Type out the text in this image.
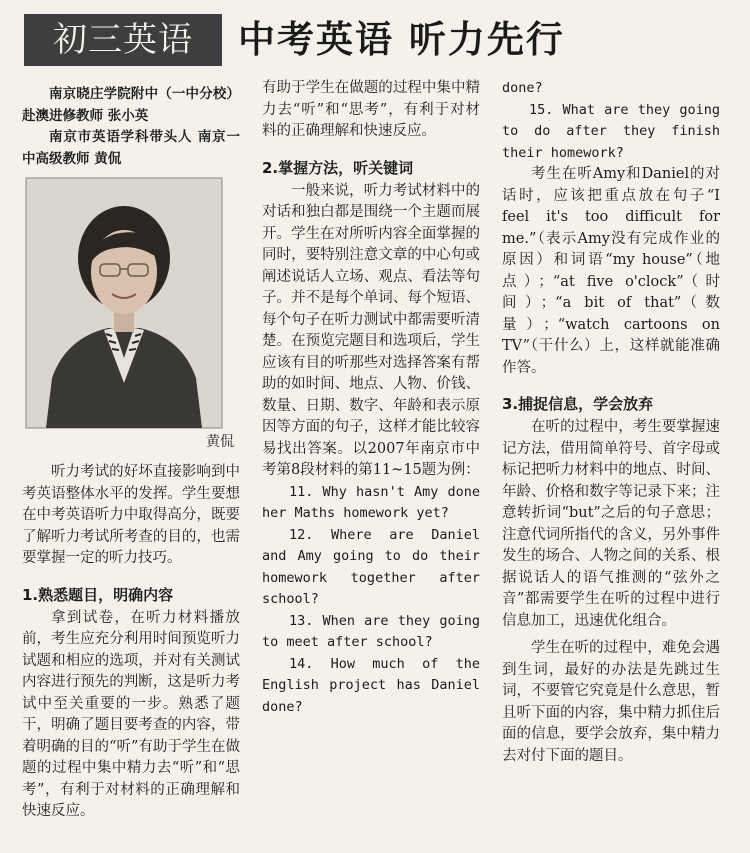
初三英语	中考英语 听力先行

南京晓庄学院附中（一中分校）赴澳进修教师 张小英

南京市英语学科带头人 南京一中高级教师 黄侃

黄侃

听力考试的好坏直接影响到中考英语整体水平的发挥。学生要想在中考英语听力中取得高分，既要了解听力考试所考查的目的，也需要掌握一定的听力技巧。

1.熟悉题目，明确内容

拿到试卷，在听力材料播放前，考生应充分利用时间预览听力试题和相应的选项，并对有关测试内容进行预先的判断，这是听力考试中至关重要的一步。熟悉了题干，明确了题目要考查的内容，带着明确的目的“听”有助于学生在做题的过程中集中精力去“听”和“思考”，有利于对材料的正确理解和快速反应。

有助于学生在做题的过程中集中精力去“听”和“思考”，有利于对材料的正确理解和快速反应。

2.掌握方法，听关键词

一般来说，听力考试材料中的对话和独白都是围绕一个主题而展开。学生在对所听内容全面掌握的同时，要特别注意文章的中心句或阐述说话人立场、观点、看法等句子。并不是每个单词、每个短语、每个句子在听力测试中都需要听清楚。在预览完题目和选项后，学生应该有目的听那些对选择答案有帮助的如时间、地点、人物、价钱、数量、日期、数字、年龄和表示原因等方面的句子，这样才能比较容易找出答案。以2007年南京市中考第8段材料的第11~15题为例：

11. Why hasn't Amy done her Maths homework yet?

12. Where are Daniel and Amy going to do their homework together after school?

13. When are they going to meet after school?

14. How much of the English project has Daniel done?

done?

15. What are they going to do after they finish their homework?

考生在听Amy和Daniel的对话时，应该把重点放在句子“I feel it's too difficult for me.”（表示Amy没有完成作业的原因）和词语“my house”（地点）；“at five o'clock”（时间）；“a bit of that”（数量）；“watch cartoons on TV”（干什么）上，这样就能准确作答。

3.捕捉信息，学会放弃

在听的过程中，考生要掌握速记方法，借用简单符号、首字母或标记把听力材料中的地点、时间、年龄、价格和数字等记录下来；注意转折词“but”之后的句子意思；注意代词所指代的含义，另外事件发生的场合、人物之间的关系、根据说话人的语气推测的“弦外之音”都需要学生在听的过程中进行信息加工，迅速优化组合。

学生在听的过程中，难免会遇到生词，最好的办法是先跳过生词，不要管它究竟是什么意思，暂且听下面的内容，集中精力抓住后面的信息，要学会放弃，集中精力去对付下面的题目。
